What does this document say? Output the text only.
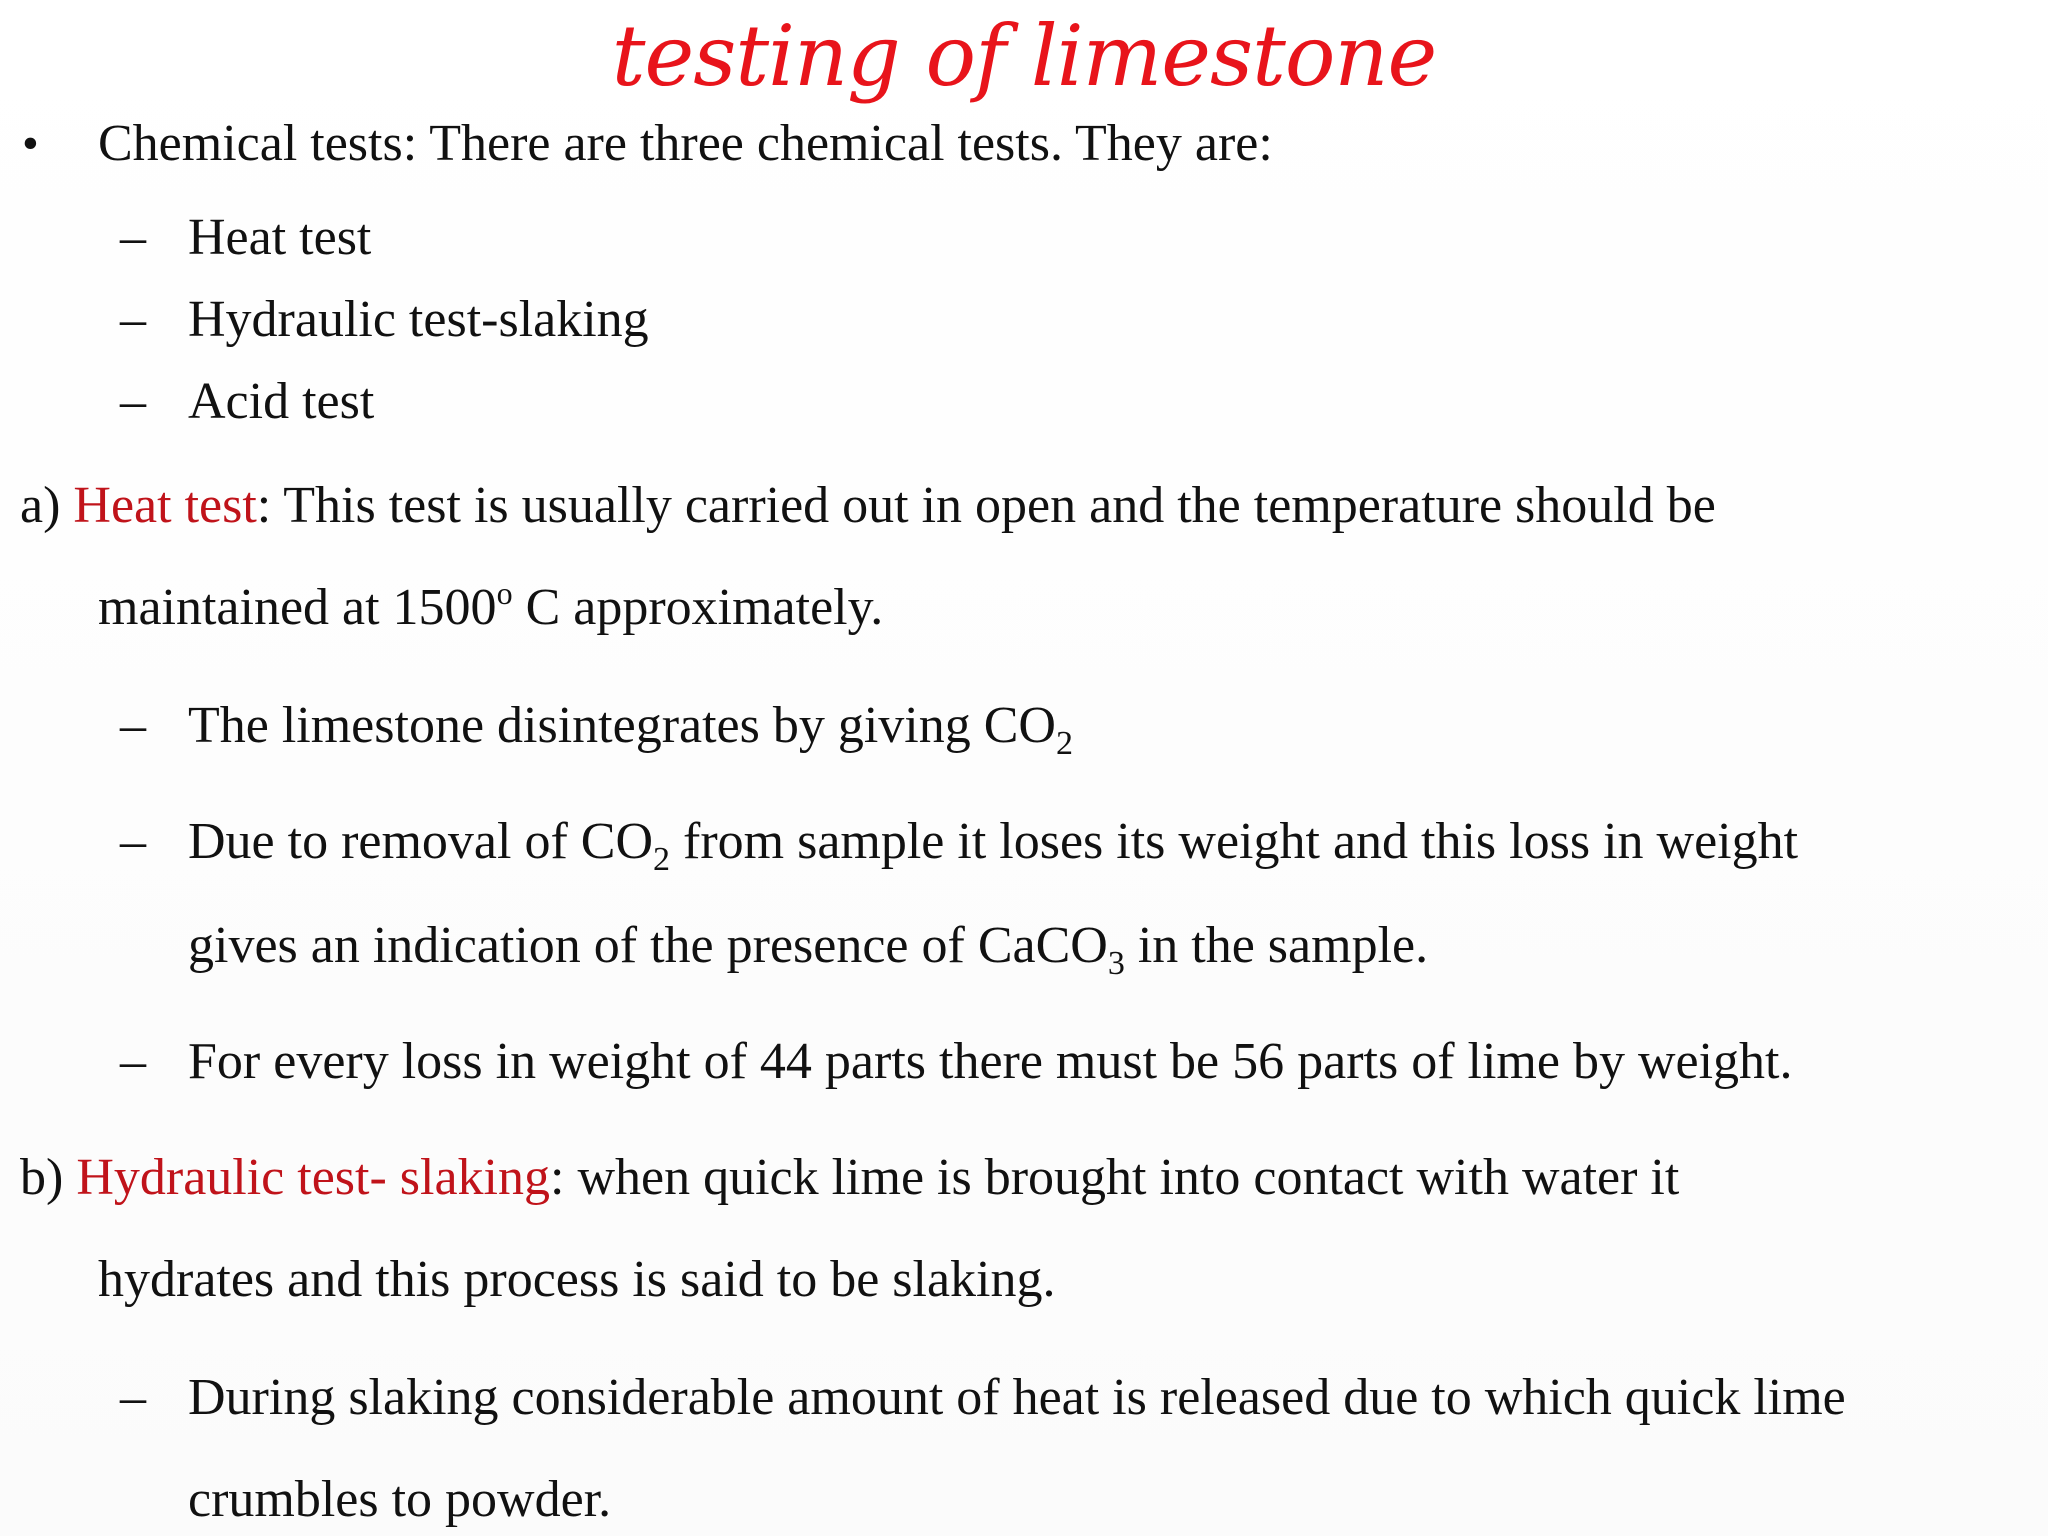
testing of limestone
• Chemical tests: There are three chemical tests. They are:
– Heat test
– Hydraulic test-slaking
– Acid test
a) Heat test: This test is usually carried out in open and the temperature should be
maintained at 1500$^o$ C approximately.
– The limestone disintegrates by giving $CO_2$
– Due to removal of $CO_2$ from sample it loses its weight and this loss in weight
gives an indication of the presence of CaCO$_3$ in the sample.
– For every loss in weight of 44 parts there must be 56 parts of lime by weight.
b) Hydraulic test- slaking: when quick lime is brought into contact with water it
hydrates and this process is said to be slaking.
– During slaking considerable amount of heat is released due to which quick lime
crumbles to powder.
